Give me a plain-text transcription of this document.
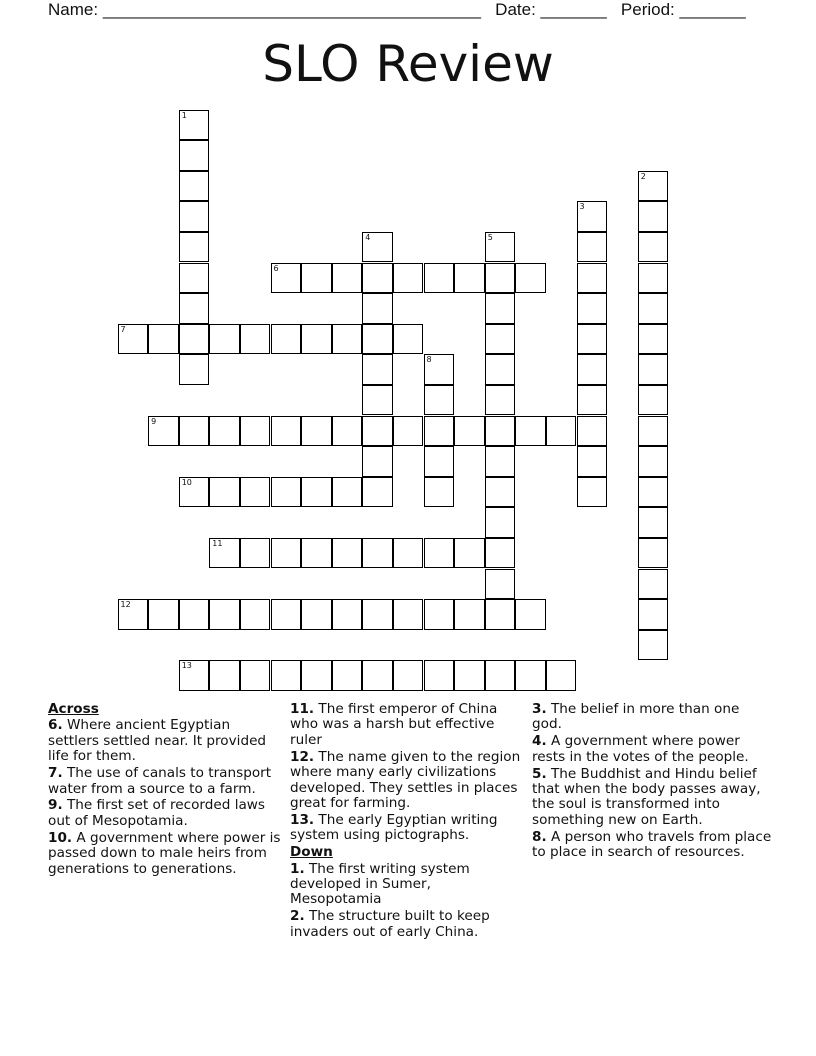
Name: ________________________________________ Date: _______ Period: _______
SLO Review
1
2
3
4	5
6
7
8
9
10
11
12
13
Across
6. Where ancient Egyptian settlers settled near. It provided life for them.
7. The use of canals to transport water from a source to a farm.
9. The first set of recorded laws out of Mesopotamia.
10. A government where power is passed down to male heirs from generations to generations.
11. The first emperor of China who was a harsh but effective ruler
12. The name given to the region where many early civilizations developed. They settles in places great for farming.
13. The early Egyptian writing system using pictographs.
Down
1. The first writing system developed in Sumer, Mesopotamia
2. The structure built to keep invaders out of early China.
3. The belief in more than one god.
4. A government where power rests in the votes of the people.
5. The Buddhist and Hindu belief that when the body passes away, the soul is transformed into something new on Earth.
8. A person who travels from place to place in search of resources.
